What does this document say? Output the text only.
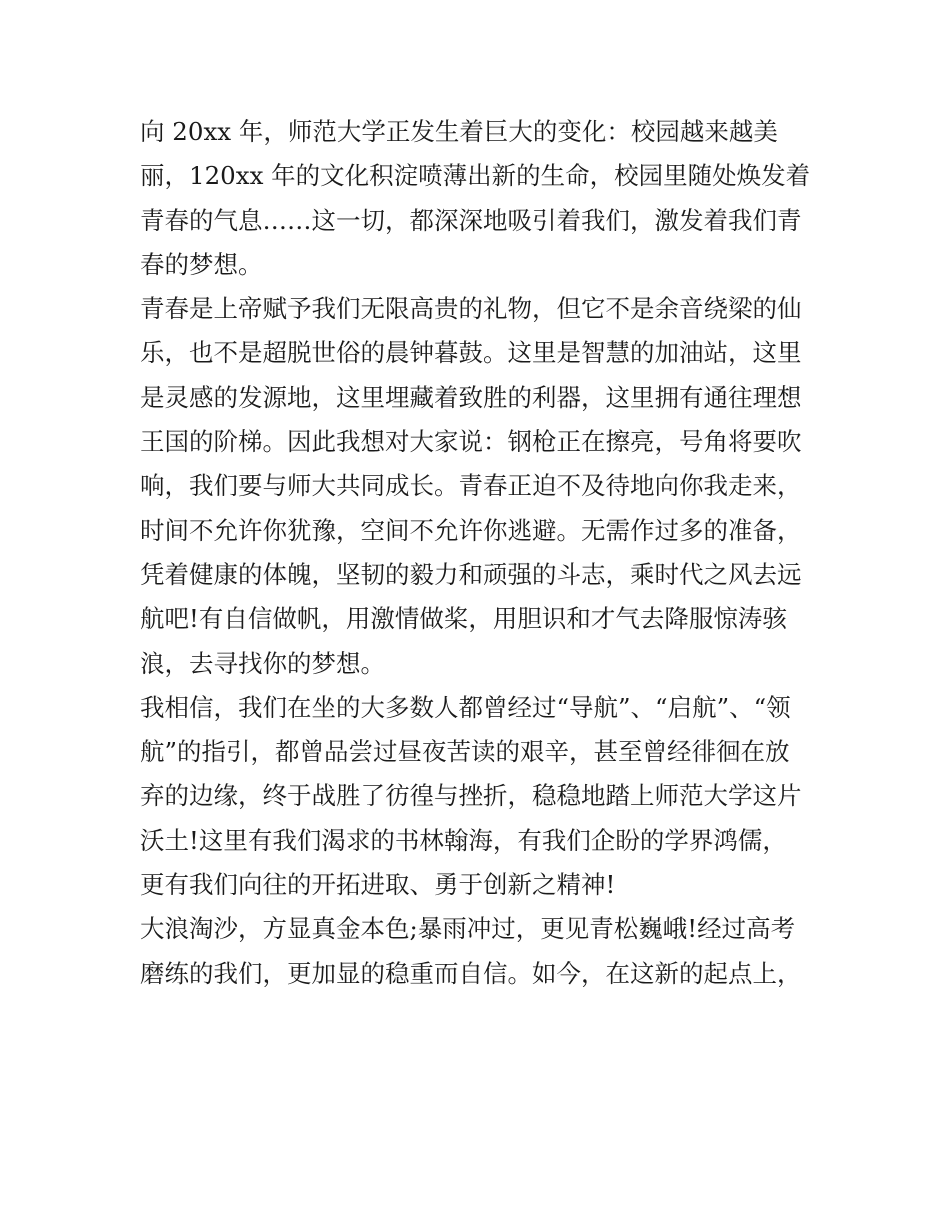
向 20xx 年，师范大学正发生着巨大的变化：校园越来越美
丽，120xx 年的文化积淀喷薄出新的生命，校园里随处焕发着
青春的气息……这一切，都深深地吸引着我们，激发着我们青
春的梦想。
青春是上帝赋予我们无限高贵的礼物，但它不是余音绕梁的仙
乐，也不是超脱世俗的晨钟暮鼓。这里是智慧的加油站，这里
是灵感的发源地，这里埋藏着致胜的利器，这里拥有通往理想
王国的阶梯。因此我想对大家说：钢枪正在擦亮，号角将要吹
响，我们要与师大共同成长。青春正迫不及待地向你我走来，
时间不允许你犹豫，空间不允许你逃避。无需作过多的准备，
凭着健康的体魄，坚韧的毅力和顽强的斗志，乘时代之风去远
航吧!有自信做帆，用激情做桨，用胆识和才气去降服惊涛骇
浪，去寻找你的梦想。
我相信，我们在坐的大多数人都曾经过“导航”、“启航”、“领
航”的指引，都曾品尝过昼夜苦读的艰辛，甚至曾经徘徊在放
弃的边缘，终于战胜了彷徨与挫折，稳稳地踏上师范大学这片
沃土!这里有我们渴求的书林翰海，有我们企盼的学界鸿儒，
更有我们向往的开拓进取、勇于创新之精神!
大浪淘沙，方显真金本色;暴雨冲过，更见青松巍峨!经过高考
磨练的我们，更加显的稳重而自信。如今，在这新的起点上，
